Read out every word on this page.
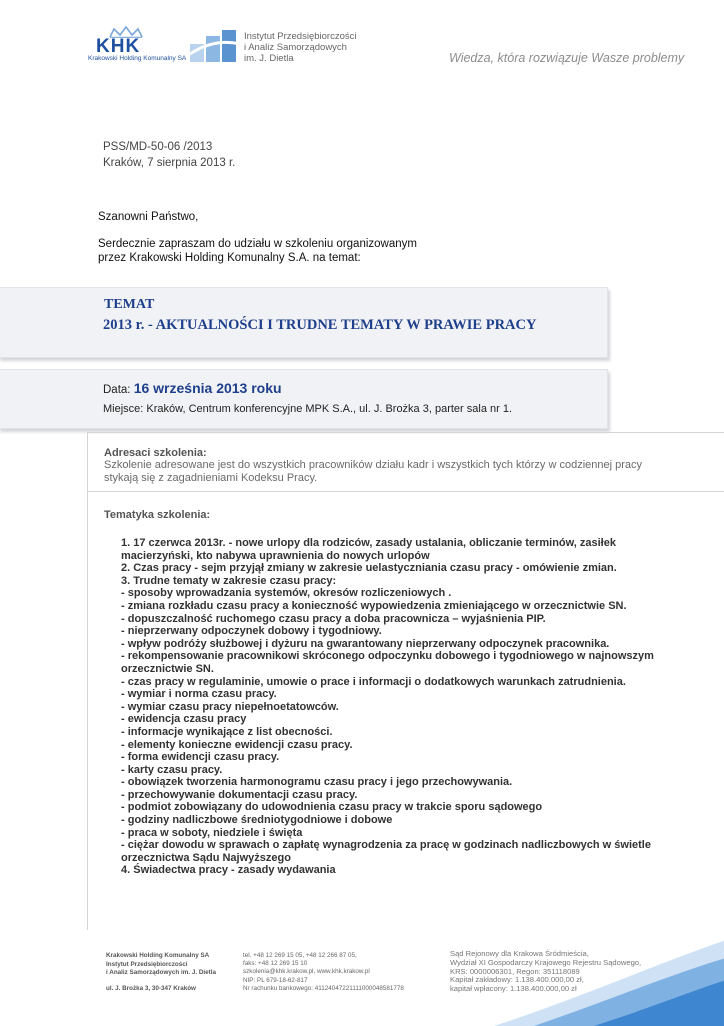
KHK
Krakowski Holding Komunalny SA
Instytut Przedsiębiorczości
i Analiz Samorządowych
im. J. Dietla	Wiedza, która rozwiązuje Wasze problemy
PSS/MD-50-06 /2013
Kraków, 7 sierpnia 2013 r.
Szanowni Państwo,
Serdecznie zapraszam do udziału w szkoleniu organizowanym
przez Krakowski Holding Komunalny S.A. na temat:
TEMAT
2013 r. - AKTUALNOŚCI I TRUDNE TEMATY W PRAWIE PRACY
Data: 16 września 2013 roku
Miejsce: Kraków, Centrum konferencyjne MPK S.A., ul. J. Brożka 3, parter sala nr 1.
Adresaci szkolenia:
Szkolenie adresowane jest do wszystkich pracowników działu kadr i wszystkich tych którzy w codziennej pracy stykają się z zagadnieniami Kodeksu Pracy.
Tematyka szkolenia:
1. 17 czerwca 2013r. - nowe urlopy dla rodziców, zasady ustalania, obliczanie terminów, zasiłek macierzyński, kto nabywa uprawnienia do nowych urlopów
2. Czas pracy - sejm przyjął zmiany w zakresie uelastyczniania czasu pracy - omówienie zmian.
3. Trudne tematy w zakresie czasu pracy:
- sposoby wprowadzania systemów, okresów rozliczeniowych .
- zmiana rozkładu czasu pracy a konieczność wypowiedzenia zmieniającego w orzecznictwie SN.
- dopuszczalność ruchomego czasu pracy a doba pracownicza – wyjaśnienia PIP.
- nieprzerwany odpoczynek dobowy i tygodniowy.
- wpływ podróży służbowej i dyżuru na gwarantowany nieprzerwany odpoczynek pracownika.
- rekompensowanie pracownikowi skróconego odpoczynku dobowego i tygodniowego w najnowszym orzecznictwie SN.
- czas pracy w regulaminie, umowie o prace i informacji o dodatkowych warunkach zatrudnienia.
- wymiar i norma czasu pracy.
- wymiar czasu pracy niepełnoetatowców.
- ewidencja czasu pracy
- informacje wynikające z list obecności.
- elementy konieczne ewidencji czasu pracy.
- forma ewidencji czasu pracy.
- karty czasu pracy.
- obowiązek tworzenia harmonogramu czasu pracy i jego przechowywania.
- przechowywanie dokumentacji czasu pracy.
- podmiot zobowiązany do udowodnienia czasu pracy w trakcie sporu sądowego
- godziny nadliczbowe średniotygodniowe i dobowe
- praca w soboty, niedziele i święta
- ciężar dowodu w sprawach o zapłatę wynagrodzenia za pracę w godzinach nadliczbowych w świetle orzecznictwa Sądu Najwyższego
4. Świadectwa pracy - zasady wydawania
Krakowski Holding Komunalny SA
Instytut Przedsiębiorczości
i Analiz Samorządowych im. J. Dietla
ul. J. Brożka 3, 30-347 Kraków
tel. +48 12 269 15 05, +48 12 266 87 05,
faks: +48 12 269 15 10
szkolenia@khk.krakow.pl, www.khk.krakow.pl
NIP: PL 679-18-62-817
Nr rachunku bankowego: 41124047221111000048581778
Sąd Rejonowy dla Krakowa Śródmieścia,
Wydział XI Gospodarczy Krajowego Rejestru Sądowego,
KRS: 0000006301, Regon: 351118089
Kapitał zakładowy: 1.138.400.000,00 zł,
kapitał wpłacony: 1.138.400.000,00 zł
